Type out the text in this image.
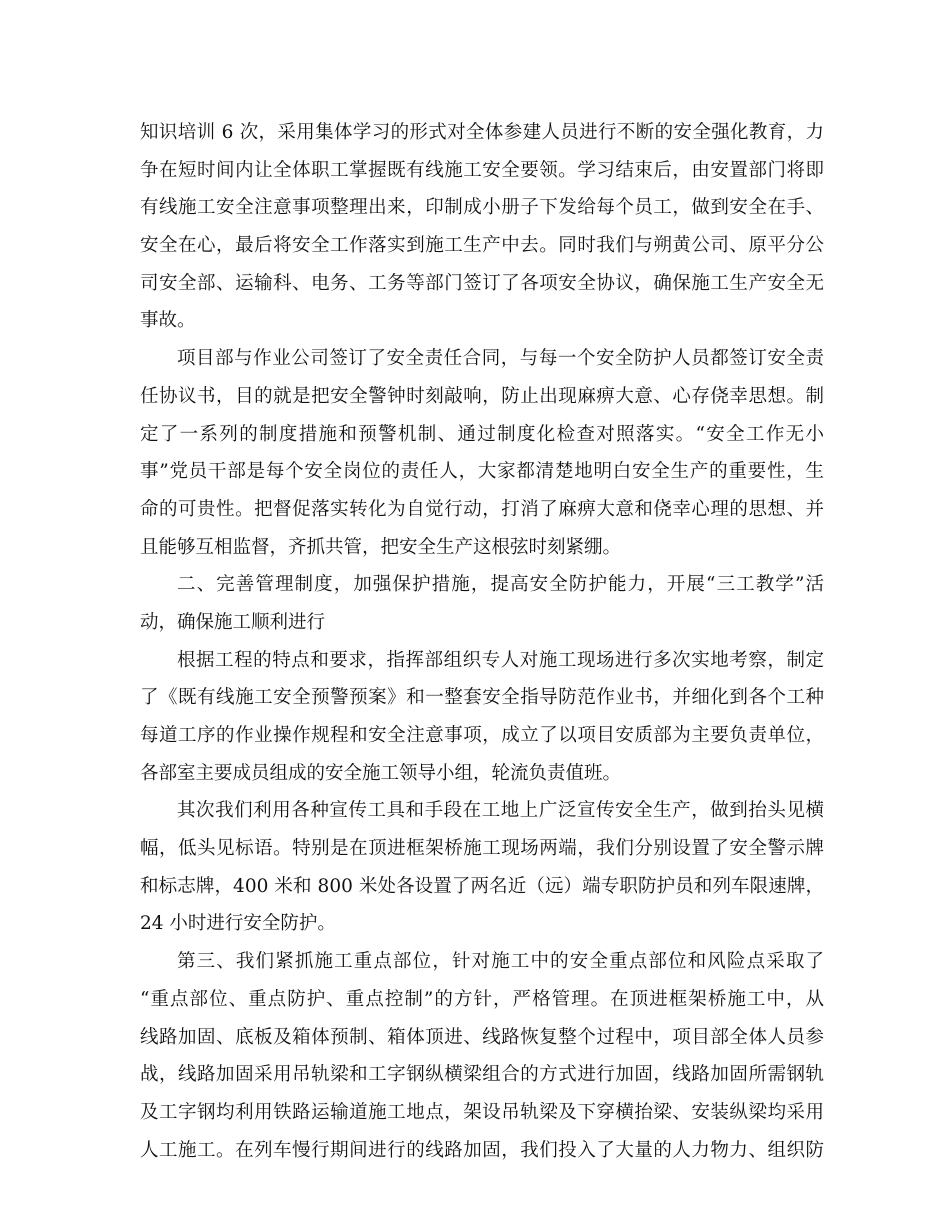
知识培训 6 次，采用集体学习的形式对全体参建人员进行不断的安全强化教育，力
争在短时间内让全体职工掌握既有线施工安全要领。学习结束后，由安置部门将即
有线施工安全注意事项整理出来，印制成小册子下发给每个员工，做到安全在手、
安全在心，最后将安全工作落实到施工生产中去。同时我们与朔黄公司、原平分公
司安全部、运输科、电务、工务等部门签订了各项安全协议，确保施工生产安全无
事故。
项目部与作业公司签订了安全责任合同，与每一个安全防护人员都签订安全责
任协议书，目的就是把安全警钟时刻敲响，防止出现麻痹大意、心存侥幸思想。制
定了一系列的制度措施和预警机制、通过制度化检查对照落实。“安全工作无小
事”党员干部是每个安全岗位的责任人，大家都清楚地明白安全生产的重要性，生
命的可贵性。把督促落实转化为自觉行动，打消了麻痹大意和侥幸心理的思想、并
且能够互相监督，齐抓共管，把安全生产这根弦时刻紧绷。
二、完善管理制度，加强保护措施，提高安全防护能力，开展“三工教学”活
动，确保施工顺利进行
根据工程的特点和要求，指挥部组织专人对施工现场进行多次实地考察，制定
了《既有线施工安全预警预案》和一整套安全指导防范作业书，并细化到各个工种
每道工序的作业操作规程和安全注意事项，成立了以项目安质部为主要负责单位，
各部室主要成员组成的安全施工领导小组，轮流负责值班。
其次我们利用各种宣传工具和手段在工地上广泛宣传安全生产，做到抬头见横
幅，低头见标语。特别是在顶进框架桥施工现场两端，我们分别设置了安全警示牌
和标志牌，400 米和 800 米处各设置了两名近（远）端专职防护员和列车限速牌，
24 小时进行安全防护。
第三、我们紧抓施工重点部位，针对施工中的安全重点部位和风险点采取了
“重点部位、重点防护、重点控制”的方针，严格管理。在顶进框架桥施工中，从
线路加固、底板及箱体预制、箱体顶进、线路恢复整个过程中，项目部全体人员参
战，线路加固采用吊轨梁和工字钢纵横梁组合的方式进行加固，线路加固所需钢轨
及工字钢均利用铁路运输道施工地点，架设吊轨梁及下穿横抬梁、安装纵梁均采用
人工施工。在列车慢行期间进行的线路加固，我们投入了大量的人力物力、组织防
